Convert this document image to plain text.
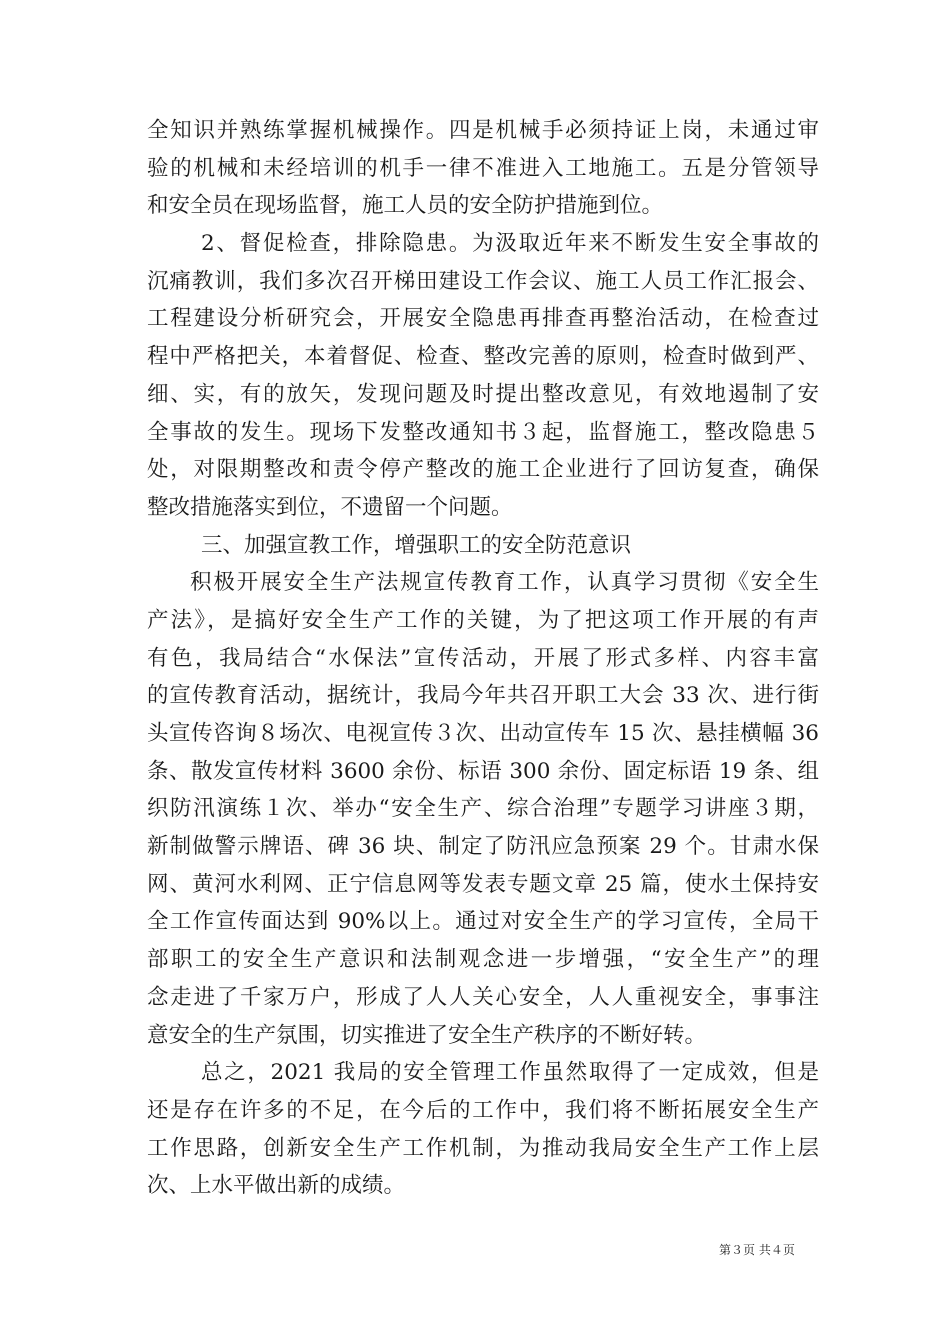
全知识并熟练掌握机械操作。四是机械手必须持证上岗，未通过审
验的机械和未经培训的机手一律不准进入工地施工。五是分管领导
和安全员在现场监督，施工人员的安全防护措施到位。
2、督促检查，排除隐患。为汲取近年来不断发生安全事故的
沉痛教训，我们多次召开梯田建设工作会议、施工人员工作汇报会、
工程建设分析研究会，开展安全隐患再排查再整治活动，在检查过
程中严格把关，本着督促、检查、整改完善的原则，检查时做到严、
细、实，有的放矢，发现问题及时提出整改意见，有效地遏制了安
全事故的发生。现场下发整改通知书３起，监督施工，整改隐患５
处，对限期整改和责令停产整改的施工企业进行了回访复查，确保
整改措施落实到位，不遗留一个问题。
三、加强宣教工作，增强职工的安全防范意识
积极开展安全生产法规宣传教育工作，认真学习贯彻《安全生
产法》，是搞好安全生产工作的关键，为了把这项工作开展的有声
有色，我局结合“水保法”宣传活动，开展了形式多样、内容丰富
的宣传教育活动，据统计，我局今年共召开职工大会 33 次、进行街
头宣传咨询８场次、电视宣传３次、出动宣传车 15 次、悬挂横幅 36
条、散发宣传材料 3600 余份、标语 300 余份、固定标语 19 条、组
织防汛演练１次、举办“安全生产、综合治理”专题学习讲座３期，
新制做警示牌语、碑 36 块、制定了防汛应急预案 29 个。甘肃水保
网、黄河水利网、正宁信息网等发表专题文章 25 篇，使水土保持安
全工作宣传面达到 90%以上。通过对安全生产的学习宣传，全局干
部职工的安全生产意识和法制观念进一步增强，“安全生产”的理
念走进了千家万户，形成了人人关心安全，人人重视安全，事事注
意安全的生产氛围，切实推进了安全生产秩序的不断好转。
总之，2021 我局的安全管理工作虽然取得了一定成效，但是
还是存在许多的不足，在今后的工作中，我们将不断拓展安全生产
工作思路，创新安全生产工作机制，为推动我局安全生产工作上层
次、上水平做出新的成绩。
第３页 共４页
